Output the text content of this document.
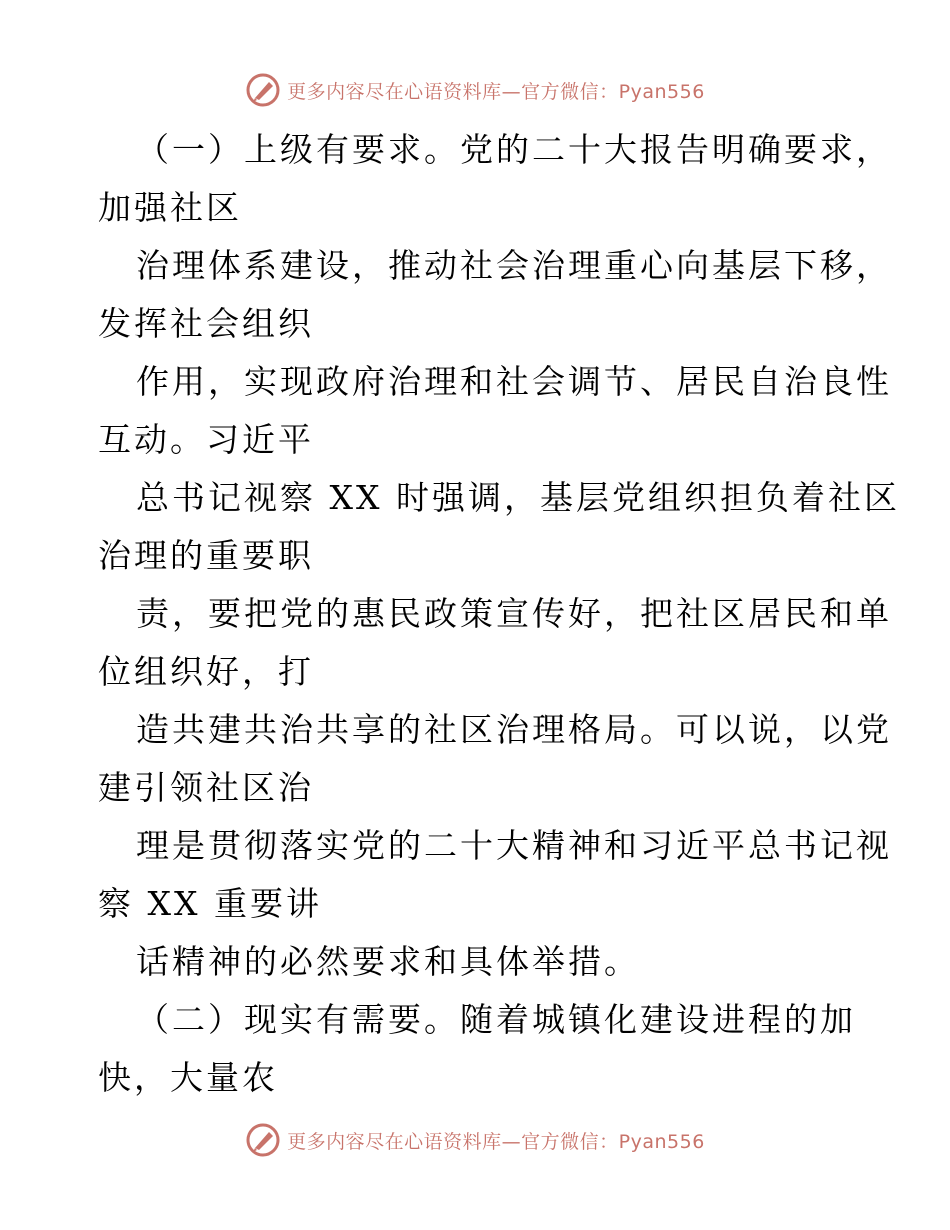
更多内容尽在心语资料库—官方微信：Pyan556
（一）上级有要求。党的二十大报告明确要求，
加强社区
治理体系建设，推动社会治理重心向基层下移，
发挥社会组织
作用，实现政府治理和社会调节、居民自治良性
互动。习近平
总书记视察 XX 时强调，基层党组织担负着社区
治理的重要职
责，要把党的惠民政策宣传好，把社区居民和单
位组织好，打
造共建共治共享的社区治理格局。可以说，以党
建引领社区治
理是贯彻落实党的二十大精神和习近平总书记视
察 XX 重要讲
话精神的必然要求和具体举措。
（二）现实有需要。随着城镇化建设进程的加
快，大量农
更多内容尽在心语资料库—官方微信：Pyan556
